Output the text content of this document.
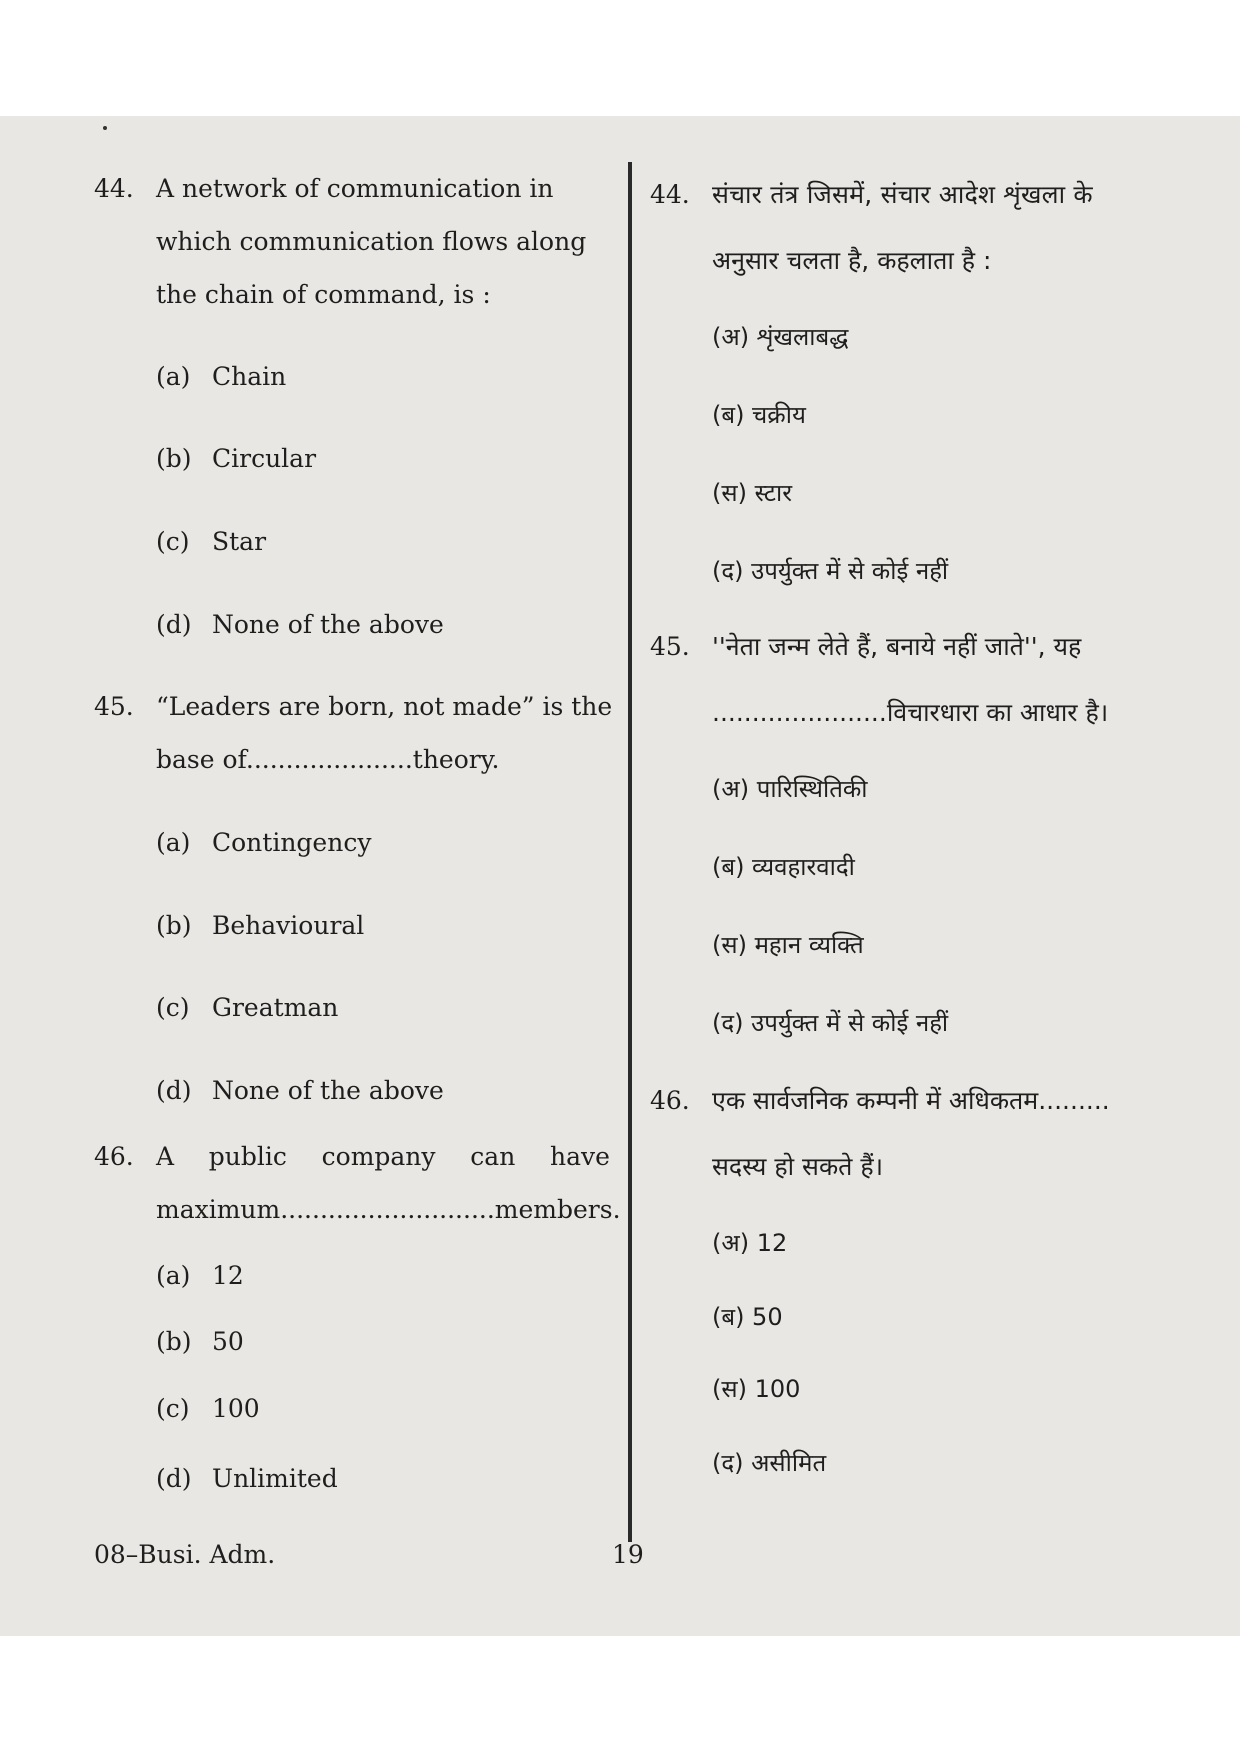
44. A network of communication in
which communication flows along
the chain of command, is :
(a) Chain
(b) Circular
(c) Star
(d) None of the above
45. “Leaders are born, not made” is the
base of.....................theory.
(a) Contingency
(b) Behavioural
(c) Greatman
(d) None of the above
46. A public company can have
maximum...........................members.
(a) 12
(b) 50
(c) 100
(d) Unlimited
44. संचार तंत्र जिसमें, संचार आदेश शृंखला के
अनुसार चलता है, कहलाता है :
(अ) शृंखलाबद्ध
(ब) चक्रीय
(स) स्टार
(द) उपर्युक्त में से कोई नहीं
45. ''नेता जन्म लेते हैं, बनाये नहीं जाते'', यह
......................विचारधारा का आधार है।
(अ) पारिस्थितिकी
(ब) व्यवहारवादी
(स) महान व्यक्ति
(द) उपर्युक्त में से कोई नहीं
46. एक सार्वजनिक कम्पनी में अधिकतम.........
सदस्य हो सकते हैं।
(अ) 12
(ब) 50
(स) 100
(द) असीमित
08–Busi. Adm.	19
